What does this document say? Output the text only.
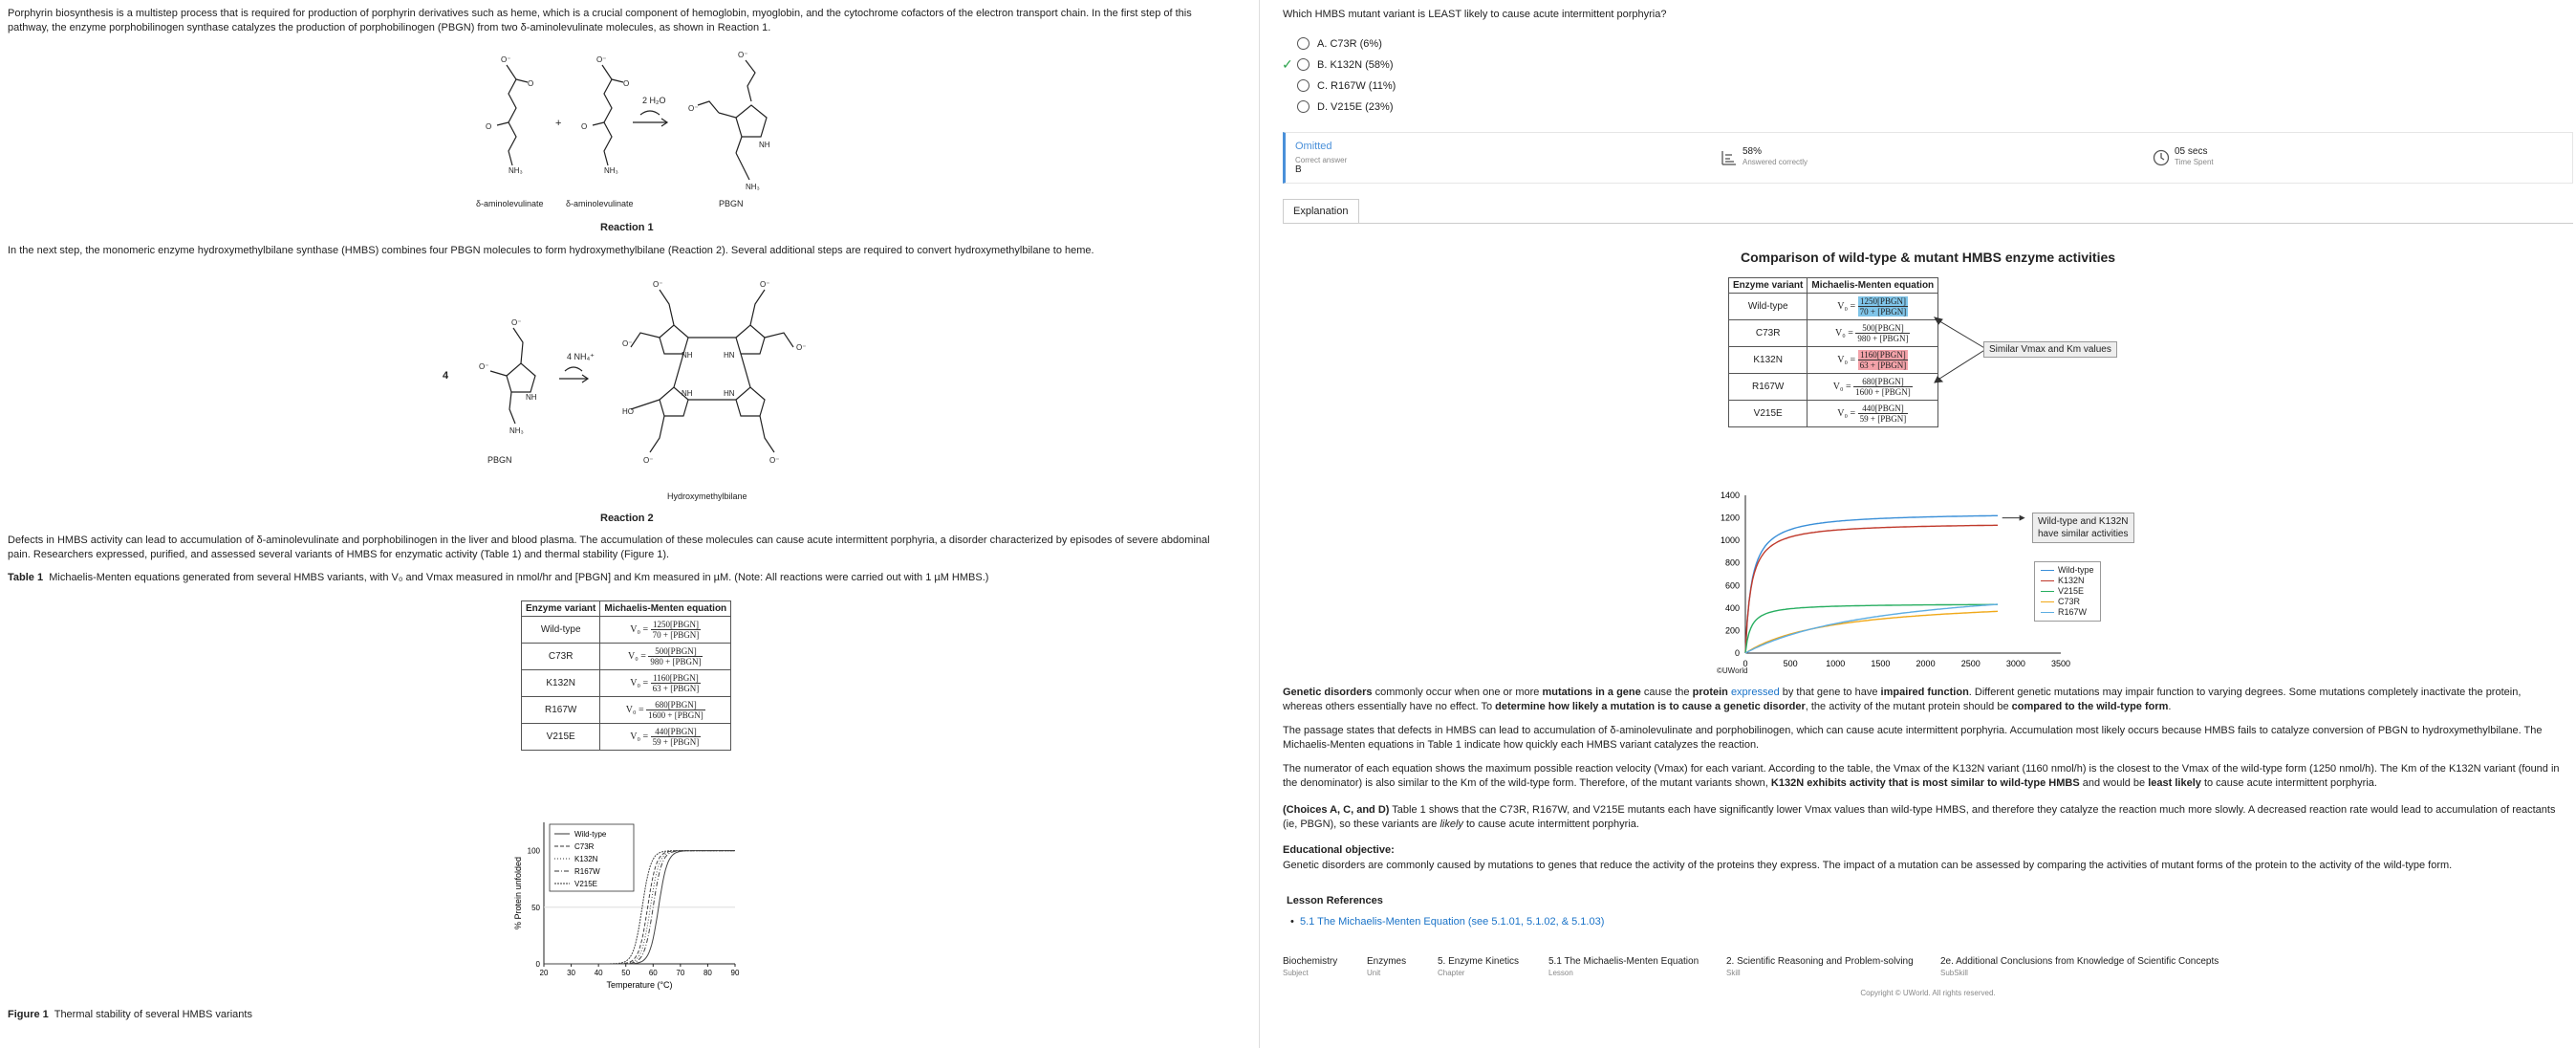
Porphyrin biosynthesis is a multistep process that is required for production of porphyrin derivatives such as heme, which is a crucial component of hemoglobin, myoglobin, and the cytochrome cofactors of the electron transport chain. In the first step of this pathway, the enzyme porphobilinogen synthase catalyzes the production of porphobilinogen (PBGN) from two δ-aminolevulinate molecules, as shown in Reaction 1.
O⁻
O
O
NH₃
O⁻
O
O
NH₃
O⁻
O⁻
NH
NH₃
+
2 H₂O
δ-aminolevulinate	δ-aminolevulinate	PBGN
Reaction 1
In the next step, the monomeric enzyme hydroxymethylbilane synthase (HMBS) combines four PBGN molecules to form hydroxymethylbilane (Reaction 2). Several additional steps are required to convert hydroxymethylbilane to heme.
O⁻
O⁻
NH
NH₃
NH	HN
NH	HN
HO
O⁻	O⁻
O⁻
O⁻
O⁻	O⁻
4
4 NH₄⁺
PBGN
Hydroxymethylbilane
Reaction 2
Defects in HMBS activity can lead to accumulation of δ-aminolevulinate and porphobilinogen in the liver and blood plasma. The accumulation of these molecules can cause acute intermittent porphyria, a disorder characterized by episodes of severe abdominal pain. Researchers expressed, purified, and assessed several variants of HMBS for enzymatic activity (Table 1) and thermal stability (Figure 1).
Table 1 Michaelis-Menten equations generated from several HMBS variants, with V₀ and Vmax measured in nmol/hr and [PBGN] and Km measured in µM. (Note: All reactions were carried out with 1 µM HMBS.)
Enzyme variant	Michaelis-Menten equation
Wild-type	$V_0 = \frac{\text{1250[PBGN]}}{\text{70 + [PBGN]}}$

C73R	$V_0 = \frac{\text{500[PBGN]}}{\text{980 + [PBGN]}}$

K132N	$V_0 = \frac{\text{1160[PBGN]}}{\text{63 + [PBGN]}}$

R167W	$V_0 = \frac{\text{680[PBGN]}}{\text{1600 + [PBGN]}}$

V215E	$V_0 = \frac{\text{440[PBGN]}}{\text{59 + [PBGN]}}$
20 30 40 50 60 70 80 90
0
50
100
Temperature (°C)
% Protein unfolded
Wild-type
C73R
K132N
R167W
V215E
Figure 1 Thermal stability of several HMBS variants
Which HMBS mutant variant is LEAST likely to cause acute intermittent porphyria?
A. C73R (6%)
B. K132N (58%)
✓
C. R167W (11%)
D. V215E (23%)
Omitted
Correct answer
B
58%
Answered correctly
05 secs
Time Spent
Explanation
Comparison of wild-type & mutant HMBS enzyme activities
Enzyme variant	Michaelis-Menten equation
Wild-type	$V_0 = \frac{\text{1250[PBGN]}}{\text{70 + [PBGN]}}$

C73R	$V_0 = \frac{\text{500[PBGN]}}{\text{980 + [PBGN]}}$

K132N	$V_0 = \frac{\text{1160[PBGN]}}{\text{63 + [PBGN]}}$

R167W	$V_0 = \frac{\text{680[PBGN]}}{\text{1600 + [PBGN]}}$

V215E	$V_0 = \frac{\text{440[PBGN]}}{\text{59 + [PBGN]}}$
Similar Vmax and Km values
0
200
400
600
800
1000
1200
1400
0	500	1000	1500	2000	2500	3000	3500
Wild-type and K132N
have similar activities
Wild-type
K132N
V215E
C73R
R167W
©UWorld
Genetic disorders commonly occur when one or more mutations in a gene cause the protein expressed by that gene to have impaired function. Different genetic mutations may impair function to varying degrees. Some mutations completely inactivate the protein, whereas others essentially have no effect. To determine how likely a mutation is to cause a genetic disorder, the activity of the mutant protein should be compared to the wild-type form.
The passage states that defects in HMBS can lead to accumulation of δ-aminolevulinate and porphobilinogen, which can cause acute intermittent porphyria. Accumulation most likely occurs because HMBS fails to catalyze conversion of PBGN to hydroxymethylbilane. The Michaelis-Menten equations in Table 1 indicate how quickly each HMBS variant catalyzes the reaction.
The numerator of each equation shows the maximum possible reaction velocity (Vmax) for each variant. According to the table, the Vmax of the K132N variant (1160 nmol/h) is the closest to the Vmax of the wild-type form (1250 nmol/h). The Km of the K132N variant (found in the denominator) is also similar to the Km of the wild-type form. Therefore, of the mutant variants shown, K132N exhibits activity that is most similar to wild-type HMBS and would be least likely to cause acute intermittent porphyria.
(Choices A, C, and D) Table 1 shows that the C73R, R167W, and V215E mutants each have significantly lower Vmax values than wild-type HMBS, and therefore they catalyze the reaction much more slowly. A decreased reaction rate would lead to accumulation of reactants (ie, PBGN), so these variants are likely to cause acute intermittent porphyria.
Educational objective:
Genetic disorders are commonly caused by mutations to genes that reduce the activity of the proteins they express. The impact of a mutation can be assessed by comparing the activities of mutant forms of the protein to the activity of the wild-type form.
Lesson References
•  5.1 The Michaelis-Menten Equation (see 5.1.01, 5.1.02, & 5.1.03)
Biochemistry
Subject
Enzymes
Unit
5. Enzyme Kinetics
Chapter
5.1 The Michaelis-Menten Equation
Lesson
2. Scientific Reasoning and Problem-solving
Skill
2e. Additional Conclusions from Knowledge of Scientific Concepts
SubSkill
Copyright © UWorld. All rights reserved.
